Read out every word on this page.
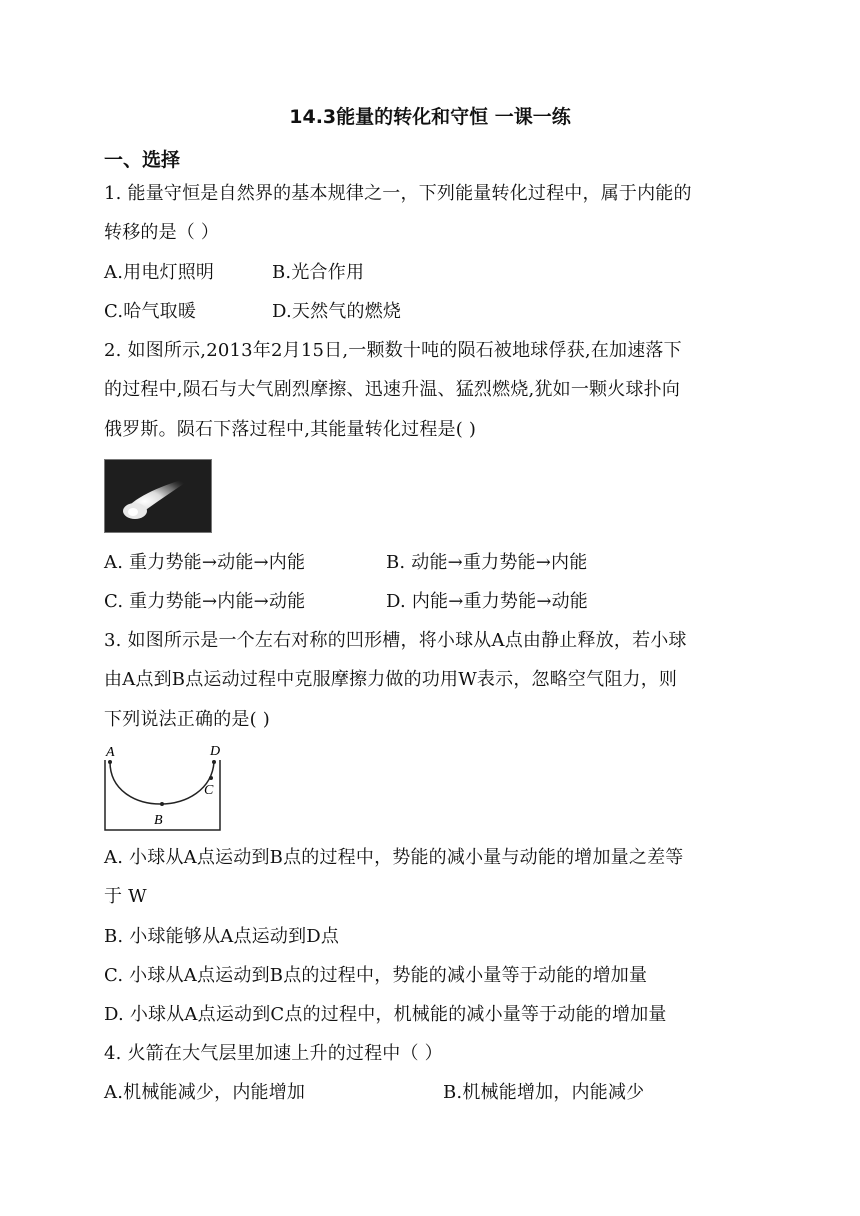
14.3能量的转化和守恒 一课一练
一、选择
1. 能量守恒是自然界的基本规律之一，下列能量转化过程中，属于内能的
转移的是（ ）
A.用电灯照明	B.光合作用
C.哈气取暖	D.天然气的燃烧
2. 如图所示,2013年2月15日,一颗数十吨的陨石被地球俘获,在加速落下
的过程中,陨石与大气剧烈摩擦、迅速升温、猛烈燃烧,犹如一颗火球扑向
俄罗斯。陨石下落过程中,其能量转化过程是( )
A. 重力势能→动能→内能	B. 动能→重力势能→内能
C. 重力势能→内能→动能	D. 内能→重力势能→动能
3. 如图所示是一个左右对称的凹形槽，将小球从A点由静止释放，若小球
由A点到B点运动过程中克服摩擦力做的功用W表示，忽略空气阻力，则
下列说法正确的是( )
A	D
B
C
A. 小球从A点运动到B点的过程中，势能的减小量与动能的增加量之差等
于 W
B. 小球能够从A点运动到D点
C. 小球从A点运动到B点的过程中，势能的减小量等于动能的增加量
D. 小球从A点运动到C点的过程中，机械能的减小量等于动能的增加量
4. 火箭在大气层里加速上升的过程中（ ）
A.机械能减少，内能增加	B.机械能增加，内能减少
